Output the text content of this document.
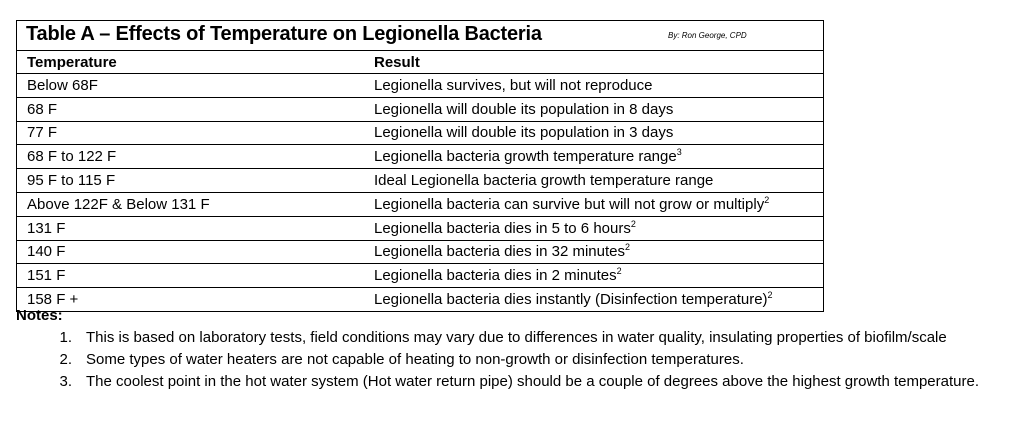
Table A – Effects of Temperature on Legionella Bacteria	By: Ron George, CPD
Temperature	Result
Below 68F	Legionella survives, but will not reproduce
68 F	Legionella will double its population in 8 days
77 F	Legionella will double its population in 3 days
68 F to 122 F	Legionella bacteria growth temperature range$^3$
95 F to 115 F	Ideal Legionella bacteria growth temperature range
Above 122F & Below 131 F	Legionella bacteria can survive but will not grow or multiply$^2$
131 F	Legionella bacteria dies in 5 to 6 hours$^2$
140 F	Legionella bacteria dies in 32 minutes$^2$
151 F	Legionella bacteria dies in 2 minutes$^2$
158 F +	Legionella bacteria dies instantly (Disinfection temperature)$^2$
Notes:
1. This is based on laboratory tests, field conditions may vary due to differences in water quality, insulating properties of biofilm/scale
2. Some types of water heaters are not capable of heating to non-growth or disinfection temperatures.
3. The coolest point in the hot water system (Hot water return pipe) should be a couple of degrees above the highest growth temperature.
